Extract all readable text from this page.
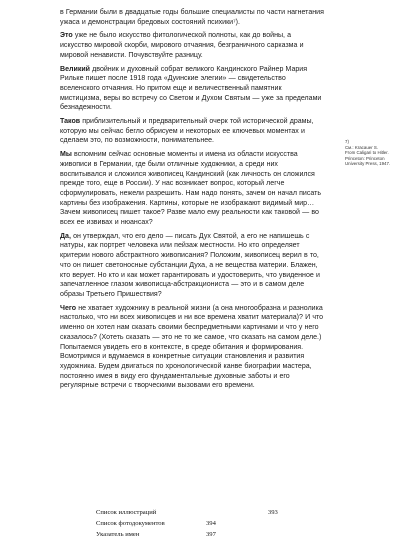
в Германии были в двадцатые годы большие специалисты по части нагнетания ужаса и демонстрации бредовых состояний психики⁷).

Это уже не было искусство фитологической полноты, как до войны, а искусство мировой скорби, мирового отчаяния, безграничного сарказма и мировой ненависти. Почувствуйте разницу.

Великий двойник и духовный собрат великого Кандинского Райнер Мария Рильке пишет после 1918 года «Дуинские элегии» — свидетельство вселенского отчаяния. Но притом еще и величественный памятник мистицизма, веры во встречу со Светом и Духом Святым — уже за пределами безнадежности.

Таков приблизительный и предварительный очерк той исторической драмы, которую мы сейчас бегло обрисуем и некоторых ее ключевых моментах и сделаем это, по возможности, понимательнее.

Мы вспомним сейчас основные моменты и имена из области искусства живописи в Германии, где были отличные художники, а среди них воспитывался и сложился живописец Кандинский (как личность он сложился прежде того, еще в России). У нас возникает вопрос, который легче сформулировать, нежели разрешить. Нам надо понять, зачем он начал писать картины без изображения. Картины, которые не изображают видимый мир… Зачем живописец пишет такое? Разве мало ему реальности как таковой — во всех ее извивах и нюансах?

Да, он утверждал, что его дело — писать Дух Святой, а его не напишешь с натуры, как портрет человека или пейзаж местности. Но кто определяет критерии нового абстрактного живописания? Положим, живописец верил в то, что он пишет светоносные субстанции Духа, а не вещества материи. Блажен, кто верует. Но кто и как может гарантировать и удостоверить, что увиденное и запечатленное глазом живописца-абстракциониста — это и в самом деле образы Третьего Пришествия?

Чего не хватает художнику в реальной жизни (а она многообразна и разнолика настолько, что ни всех живописцев и ни все времена хватит материала)? И что именно он хотел нам сказать своими беспредметными картинами и что у него сказалось? (Хотеть сказать — это не то же самое, что сказать на самом деле.) Попытаемся увидеть его в контексте, в среде обитания и формирования. Всмотримся и вдумаемся в конкретные ситуации становления и развития художника. Будем двигаться по хронологической канве биографии мастера, постоянно имея в виду его фундаментальные духовные заботы и его регулярные встречи с творческими вызовами его времени.

7)
См.: Kracauer S.
From Caligari to Hitler.
Princeton: Princeton
University Press, 1947.
Список иллюстраций	393
Список фотодокументов	394
Указатель имен	397
